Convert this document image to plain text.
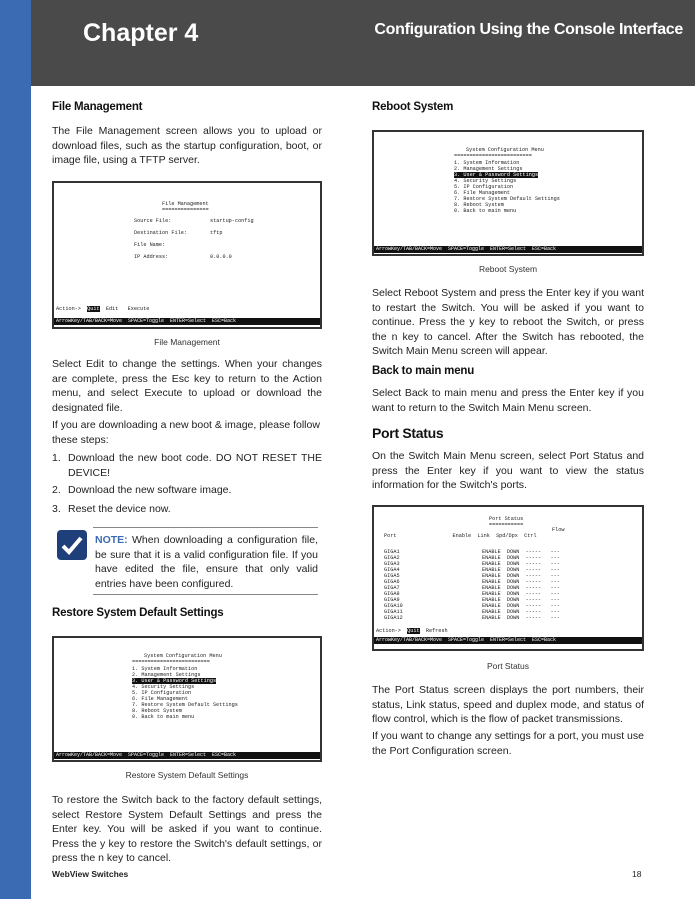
Chapter 4	Configuration Using the Console Interface
File Management

The File Management screen allows you to upload or download files, such as the startup configuration, boot, or image file, using a TFTP server.

File Management
===============
Source File:	startup-config
Destination File:	tftp
File Name:
IP Address:	0.0.0.0
Action-> Quit Edit   Execute
ArrowKey/TAB/BACK=Move  SPACE=Toggle  ENTER=Select  ESC=Back
File Management

Select Edit to change the settings. When your changes are complete, press the Esc key to return to the Action menu, and select Execute to upload or download the designated file.

If you are downloading a new boot & image, please follow these steps:

1. Download the new boot code. DO NOT RESET THE DEVICE!
2. Download the new software image.
3. Reset the device now.

NOTE: When downloading a configuration file, be sure that it is a valid configuration file. If you have edited the file, ensure that only valid entries have been configured.

Restore System Default Settings
System Configuration Menu
=========================
1. System Information
2. Management Settings
3. User & Password Settings
4. Security Settings
5. IP Configuration
6. File Management
7. Restore System Default Settings
8. Reboot System
0. Back to main menu
ArrowKey/TAB/BACK=Move  SPACE=Toggle  ENTER=Select  ESC=Back
Restore System Default Settings

To restore the Switch back to the factory default settings, select Restore System Default Settings and press the Enter key. You will be asked if you want to continue. Press the y key to restore the Switch's default settings, or press the n key to cancel.

Reboot System
System Configuration Menu
=========================
1. System Information
2. Management Settings
3. User & Password Settings
4. Security Settings
5. IP Configuration
6. File Management
7. Restore System Default Settings
8. Reboot System
0. Back to main menu
ArrowKey/TAB/BACK=Move  SPACE=Toggle  ENTER=Select  ESC=Back
Reboot System

Select Reboot System and press the Enter key if you want to restart the Switch. You will be asked if you want to continue. Press the y key to reboot the Switch, or press the n key to cancel. After the Switch has rebooted, the Switch Main Menu screen will appear.

Back to main menu

Select Back to main menu and press the Enter key if you want to return to the Switch Main Menu screen.

Port Status

On the Switch Main Menu screen, select Port Status and press the Enter key if you want to view the status information for the Switch's ports.

Port Status
===========
Flow
Port                  Enable  Link  Spd/Dpx  Ctrl
GIGA1	ENABLE  DOWN  -----   ---
GIGA2	ENABLE  DOWN  -----   ---
GIGA3	ENABLE  DOWN  -----   ---
GIGA4	ENABLE  DOWN  -----   ---
GIGA5	ENABLE  DOWN  -----   ---
GIGA6	ENABLE  DOWN  -----   ---
GIGA7	ENABLE  DOWN  -----   ---
GIGA8	ENABLE  DOWN  -----   ---
GIGA9	ENABLE  DOWN  -----   ---
GIGA10	ENABLE  DOWN  -----   ---
GIGA11	ENABLE  DOWN  -----   ---
GIGA12	ENABLE  DOWN  -----   ---
Action-> Quit Refresh
ArrowKey/TAB/BACK=Move  SPACE=Toggle  ENTER=Select  ESC=Back
Port Status

The Port Status screen displays the port numbers, their status, Link status, speed and duplex mode, and status of flow control, which is the flow of packet transmissions.

If you want to change any settings for a port, you must use the Port Configuration screen.

WebView Switches	18
